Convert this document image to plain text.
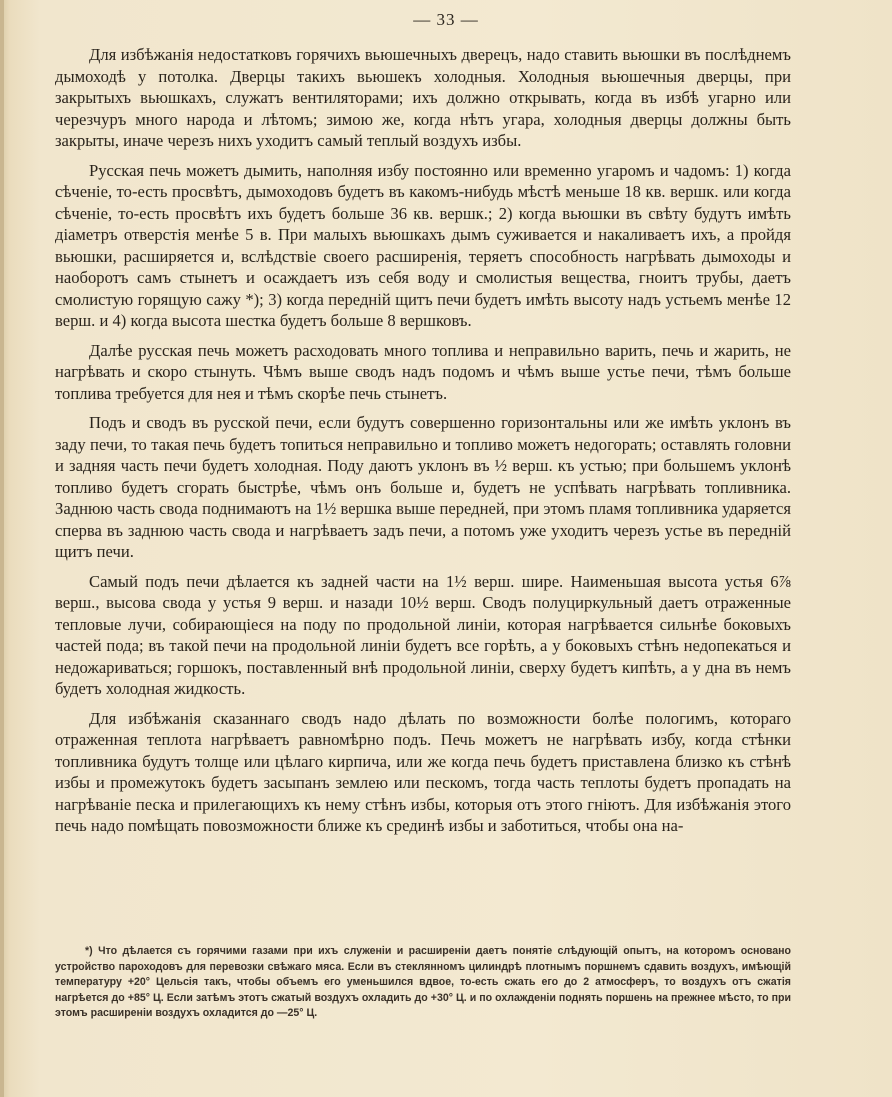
— 33 —

Для избѣжанія недостатковъ горячихъ вьюшечныхъ дверецъ, надо ставить вьюшки въ послѣднемъ дымоходѣ у потолка. Дверцы такихъ вьюшекъ холодныя. Холодныя вьюшечныя дверцы, при закрытыхъ вьюшкахъ, служатъ вентиляторами; ихъ должно открывать, когда въ избѣ угарно или черезчуръ много народа и лѣтомъ; зимою же, когда нѣтъ угара, холодныя дверцы должны быть закрыты, иначе черезъ нихъ уходитъ самый теплый воздухъ избы.

Русская печь можетъ дымить, наполняя избу постоянно или временно угаромъ и чадомъ: 1) когда сѣченіе, то-есть просвѣтъ, дымоходовъ будетъ въ какомъ-нибудь мѣстѣ меньше 18 кв. вершк. или когда сѣченіе, то-есть просвѣтъ ихъ будетъ больше 36 кв. вершк.; 2) когда вьюшки въ свѣту будутъ имѣть діаметръ отверстія менѣе 5 в. При малыхъ вьюшкахъ дымъ суживается и накаливаетъ ихъ, а пройдя вьюшки, расширяется и, вслѣдствіе своего расширенія, теряетъ способность нагрѣвать дымоходы и наоборотъ самъ стынетъ и осаждаетъ изъ себя воду и смолистыя вещества, гноитъ трубы, даетъ смолистую горящую сажу *); 3) когда передній щитъ печи будетъ имѣть высоту надъ устьемъ менѣе 12 верш. и 4) когда высота шестка будетъ больше 8 вершковъ.

Далѣе русская печь можетъ расходовать много топлива и неправильно варить, печь и жарить, не нагрѣвать и скоро стынуть. Чѣмъ выше сводъ надъ подомъ и чѣмъ выше устье печи, тѣмъ больше топлива требуется для нея и тѣмъ скорѣе печь стынетъ.

Подъ и сводъ въ русской печи, если будутъ совершенно горизонтальны или же имѣть уклонъ въ заду печи, то такая печь будетъ топиться неправильно и топливо можетъ недогорать; оставлять головни и задняя часть печи будетъ холодная. Поду даютъ уклонъ въ ½ верш. къ устью; при большемъ уклонѣ топливо будетъ сгорать быстрѣе, чѣмъ онъ больше и, будетъ не успѣвать нагрѣвать топливника. Заднюю часть свода поднимаютъ на 1½ вершка выше передней, при этомъ пламя топливника ударяется сперва въ заднюю часть свода и нагрѣваетъ задъ печи, а потомъ уже уходитъ черезъ устье въ передній щитъ печи.

Самый подъ печи дѣлается къ задней части на 1½ верш. шире. Наименьшая высота устья 6⅞ верш., высова свода у устья 9 верш. и назади 10½ верш. Сводъ полуциркульный даетъ отраженные тепловые лучи, собирающіеся на поду по продольной линіи, которая нагрѣвается сильнѣе боковыхъ частей пода; въ такой печи на продольной линіи будетъ все горѣть, а у боковыхъ стѣнъ недопекаться и недожариваться; горшокъ, поставленный внѣ продольной линіи, сверху будетъ кипѣть, а у дна въ немъ будетъ холодная жидкость.

Для избѣжанія сказаннаго сводъ надо дѣлать по возможности болѣе пологимъ, котораго отраженная теплота нагрѣваетъ равномѣрно подъ. Печь можетъ не нагрѣвать избу, когда стѣнки топливника будутъ толще или цѣлаго кирпича, или же когда печь будетъ приставлена близко къ стѣнѣ избы и промежутокъ будетъ засыпанъ землею или пескомъ, тогда часть теплоты будетъ пропадать на нагрѣваніе песка и прилегающихъ къ нему стѣнъ избы, которыя отъ этого гніютъ. Для избѣжанія этого печь надо помѣщать повозможности ближе къ срединѣ избы и заботиться, чтобы она на-

*) Что дѣлается съ горячими газами при ихъ служеніи и расширеніи даетъ понятіе слѣдующій опытъ, на которомъ основано устройство пароходовъ для перевозки свѣжаго мяса. Если въ стеклянномъ цилиндрѣ плотнымъ поршнемъ сдавить воздухъ, имѣющій температуру +20° Цельсія такъ, чтобы объемъ его уменьшился вдвое, то-есть сжать его до 2 атмосферъ, то воздухъ отъ сжатія нагрѣется до +85° Ц. Если затѣмъ этотъ сжатый воздухъ охладить до +30° Ц. и по охлажденіи поднять поршень на прежнее мѣсто, то при этомъ расширеніи воздухъ охладится до —25° Ц.
